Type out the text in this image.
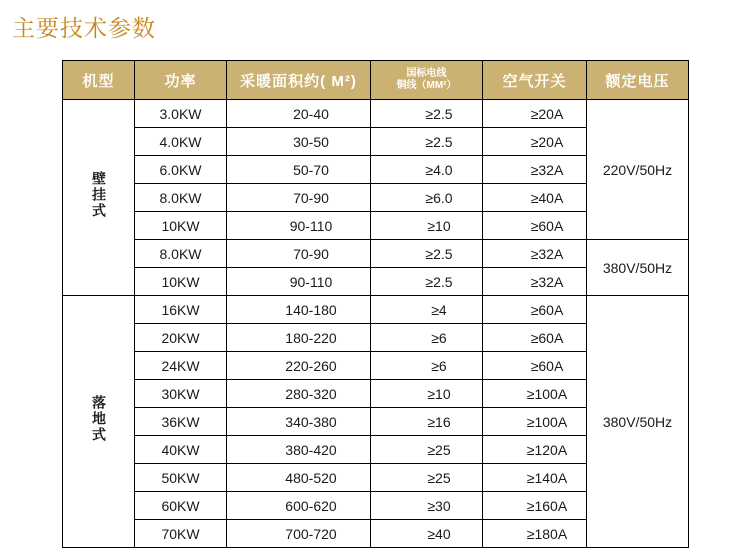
主要技术参数
机型	功率	采暖面积约( M²)	国标电线
铜线（MM²）	空气开关	额定电压
壁挂式	3.0KW	20-40	≥2.5	≥20A	220V/50Hz
	4.0KW	30-50	≥2.5	≥20A	
	6.0KW	50-70	≥4.0	≥32A	
	8.0KW	70-90	≥6.0	≥40A	
	10KW	90-110	≥10	≥60A	
	8.0KW	70-90	≥2.5	≥32A	380V/50Hz
	10KW	90-110	≥2.5	≥32A	
落地式	16KW	140-180	≥4	≥60A	380V/50Hz
	20KW	180-220	≥6	≥60A	
	24KW	220-260	≥6	≥60A	
	30KW	280-320	≥10	≥100A	
	36KW	340-380	≥16	≥100A	
	40KW	380-420	≥25	≥120A	
	50KW	480-520	≥25	≥140A	
	60KW	600-620	≥30	≥160A	
	70KW	700-720	≥40	≥180A	
